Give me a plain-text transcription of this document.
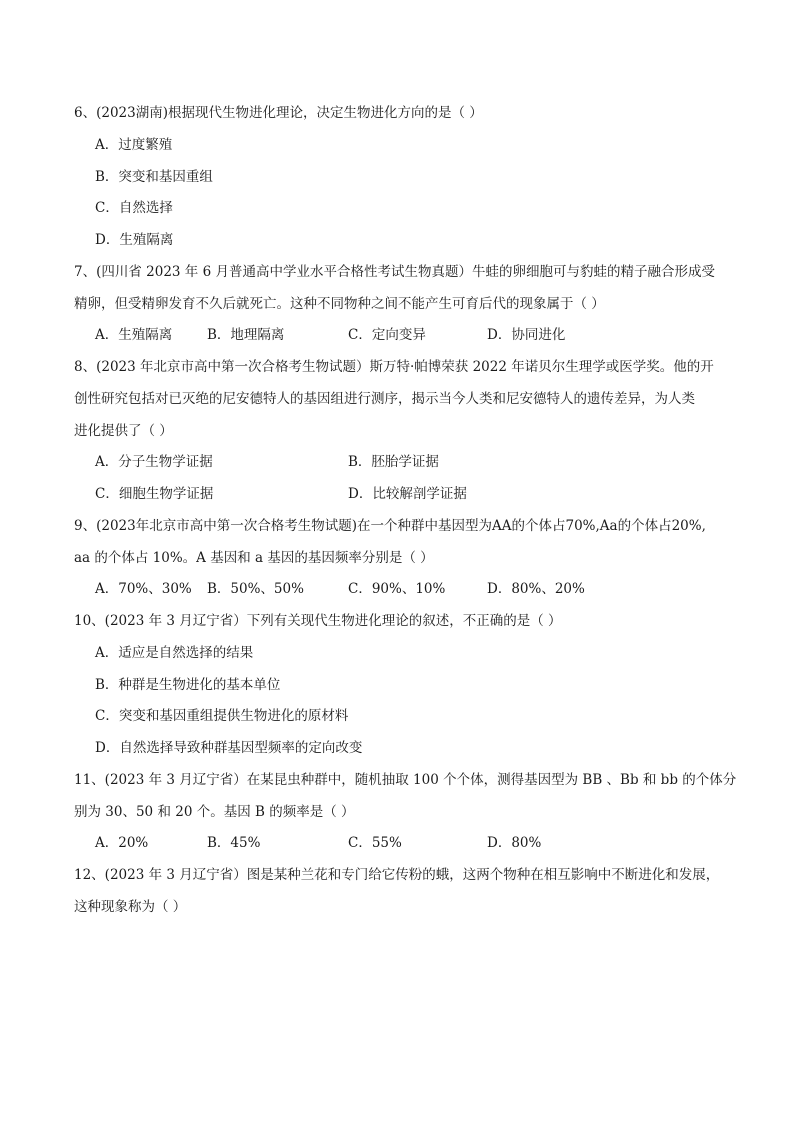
6、(2023湖南)根据现代生物进化理论，决定生物进化方向的是（ ）
A．过度繁殖
B．突变和基因重组
C．自然选择
D．生殖隔离
7、(四川省 2023 年 6 月普通高中学业水平合格性考试生物真题）牛蛙的卵细胞可与豹蛙的精子融合形成受
精卵，但受精卵发育不久后就死亡。这种不同物种之间不能产生可育后代的现象属于（ ）
A．生殖隔离	B．地理隔离	C．定向变异	D．协同进化
8、(2023 年北京市高中第一次合格考生物试题）斯万特·帕博荣获 2022 年诺贝尔生理学或医学奖。他的开
创性研究包括对已灭绝的尼安德特人的基因组进行测序，揭示当今人类和尼安德特人的遗传差异，为人类
进化提供了（ ）
A．分子生物学证据	B．胚胎学证据
C．细胞生物学证据	D．比较解剖学证据
9、(2023年北京市高中第一次合格考生物试题)在一个种群中基因型为AA的个体占70%,Aa的个体占20%,
aa 的个体占 10%。A 基因和 a 基因的基因频率分别是（ ）
A．70%、30% B．50%、50%	C．90%、10%	D．80%、20%
10、(2023 年 3 月辽宁省）下列有关现代生物进化理论的叙述，不正确的是（ ）
A．适应是自然选择的结果
B．种群是生物进化的基本单位
C．突变和基因重组提供生物进化的原材料
D．自然选择导致种群基因型频率的定向改变
11、(2023 年 3 月辽宁省）在某昆虫种群中，随机抽取 100 个个体，测得基因型为 BB 、Bb 和 bb 的个体分
别为 30、50 和 20 个。基因 B 的频率是（ ）
A．20%	B．45%	C．55%	D．80%
12、(2023 年 3 月辽宁省）图是某种兰花和专门给它传粉的蛾，这两个物种在相互影响中不断进化和发展，
这种现象称为（ ）
